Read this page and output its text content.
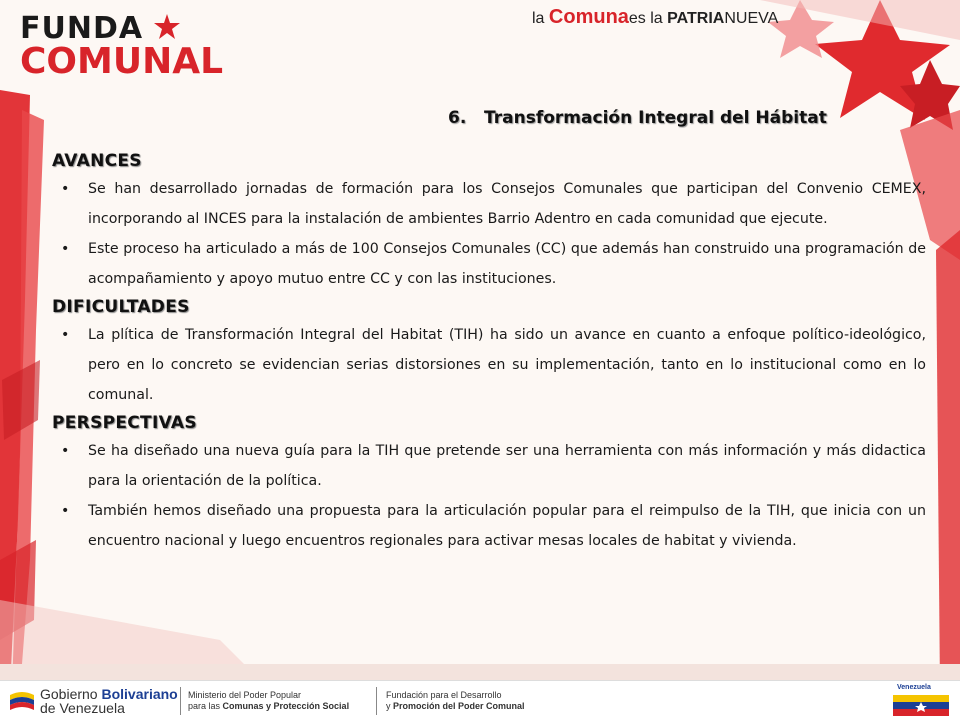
FUNDA
COMUNAL
la Comunaes la PATRIANUEVA
6.   Transformación Integral del Hábitat
AVANCES
• Se han desarrollado jornadas de formación para los Consejos Comunales que participan del Convenio CEMEX, incorporando al INCES para la instalación de ambientes Barrio Adentro en cada comunidad que ejecute.
• Este proceso ha articulado a más de 100 Consejos Comunales (CC) que además han construido una programación de acompañamiento y apoyo mutuo entre CC y con las instituciones.
DIFICULTADES
• La plítica de Transformación Integral del Habitat (TIH) ha sido un avance en cuanto a enfoque político-ideológico, pero en lo concreto se evidencian serias distorsiones en su implementación, tanto en lo institucional como en lo comunal.
PERSPECTIVAS
• Se ha diseñado una nueva guía para la TIH que pretende ser una herramienta con más información y más didactica para la orientación de la política.
• También hemos diseñado una propuesta para la articulación popular para el reimpulso de la TIH, que inicia con un encuentro nacional y luego encuentros regionales para activar mesas locales de habitat y vivienda.
Gobierno Bolivariano
de Venezuela
Ministerio del Poder Popular
para las Comunas y Protección Social
Fundación para el Desarrollo
y Promoción del Poder Comunal
Venezuela
